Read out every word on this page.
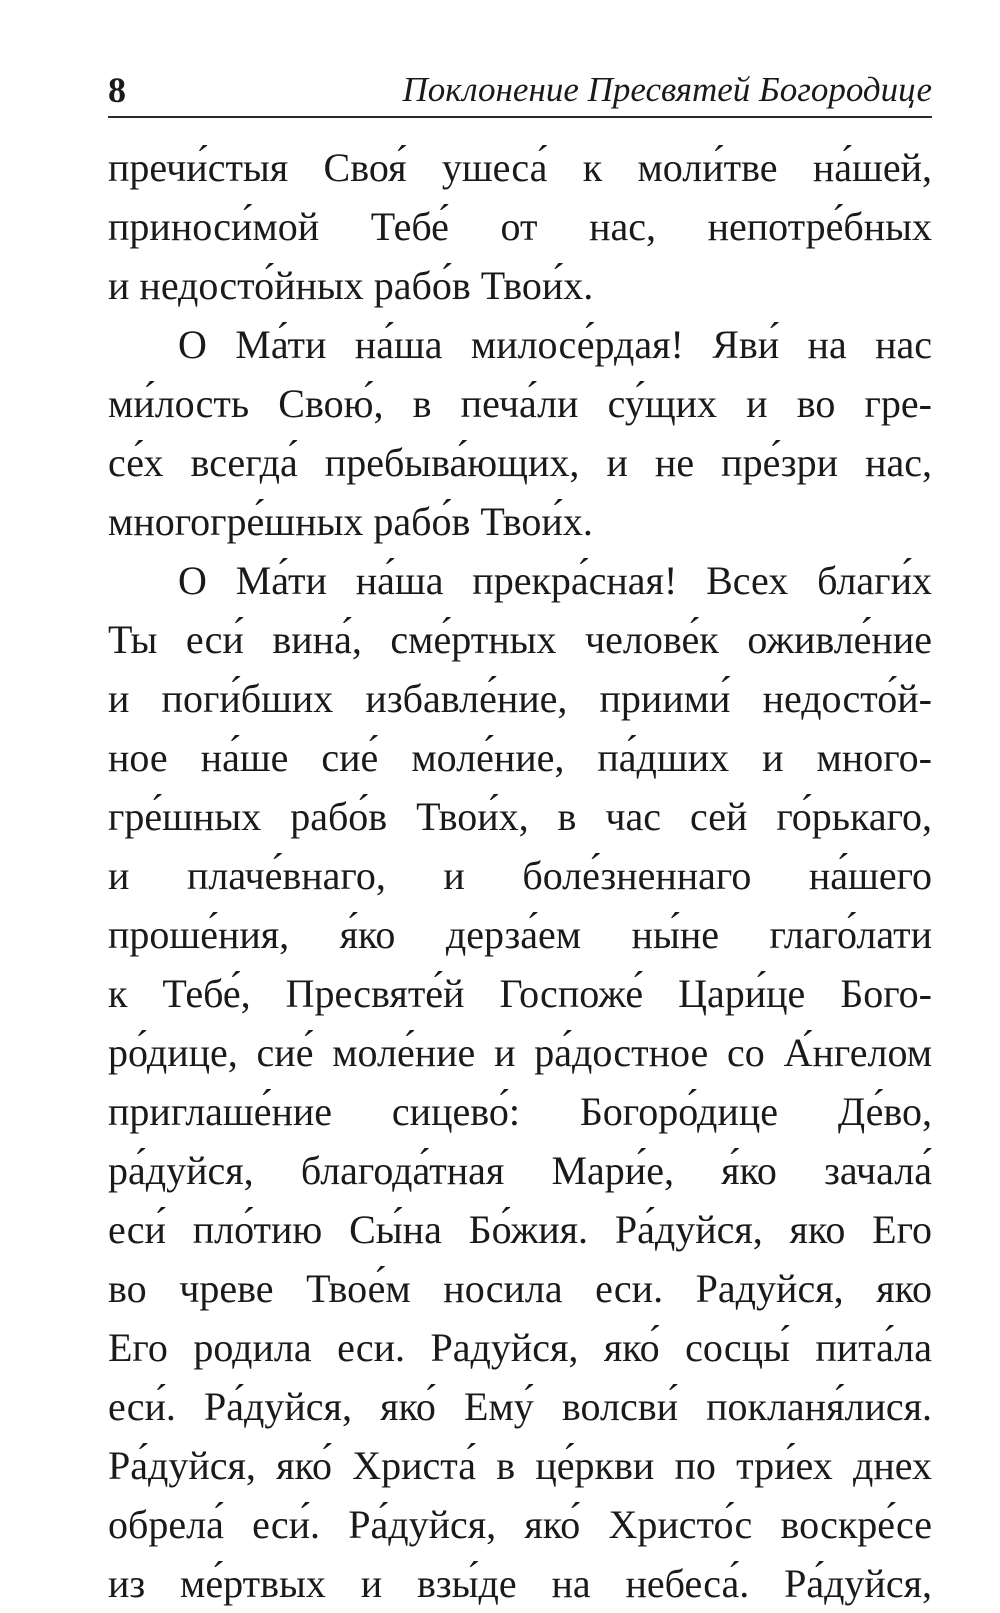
8	Поклонение Пресвятей Богородице
пречи́стыя Своя́ ушеса́ к моли́тве на́шей,
приноси́мой Тебе́ от нас, непотре́бных
и недосто́йных рабо́в Твои́х.
О Ма́ти на́ша милосе́рдая! Яви́ на нас
ми́лость Свою́, в печа́ли су́щих и во гре-
се́х всегда́ пребыва́ющих, и не пре́зри нас,
многогре́шных рабо́в Твои́х.
О Ма́ти на́ша прекра́сная! Всех благи́х
Ты еси́ вина́, сме́ртных челове́к оживле́ние
и поги́бших избавле́ние, приими́ недосто́й-
ное на́ше сие́ моле́ние, па́дших и много-
гре́шных рабо́в Твои́х, в час сей го́рькаго,
и плаче́внаго, и боле́зненнаго на́шего
проше́ния, я́ко дерза́ем ны́не глаго́лати
к Тебе́, Пресвяте́й Госпоже́ Цари́це Бого-
ро́дице, сие́ моле́ние и ра́достное со А́нгелом
приглаше́ние сицево́: Богоро́дице Де́во,
ра́дуйся, благода́тная Мари́е, я́ко зачала́
еси́ пло́тию Сы́на Бо́жия. Ра́дуйся, яко Его
во чреве Твое́м носила еси. Радуйся, яко
Его родила еси. Радуйся, яко́ сосцы́ пита́ла
еси́. Ра́дуйся, яко́ Ему́ волсви́ покланя́лися.
Ра́дуйся, яко́ Христа́ в це́ркви по три́ех днех
обрела́ еси́. Ра́дуйся, яко́ Христо́с воскре́се
из ме́ртвых и взы́де на небеса́. Ра́дуйся,
